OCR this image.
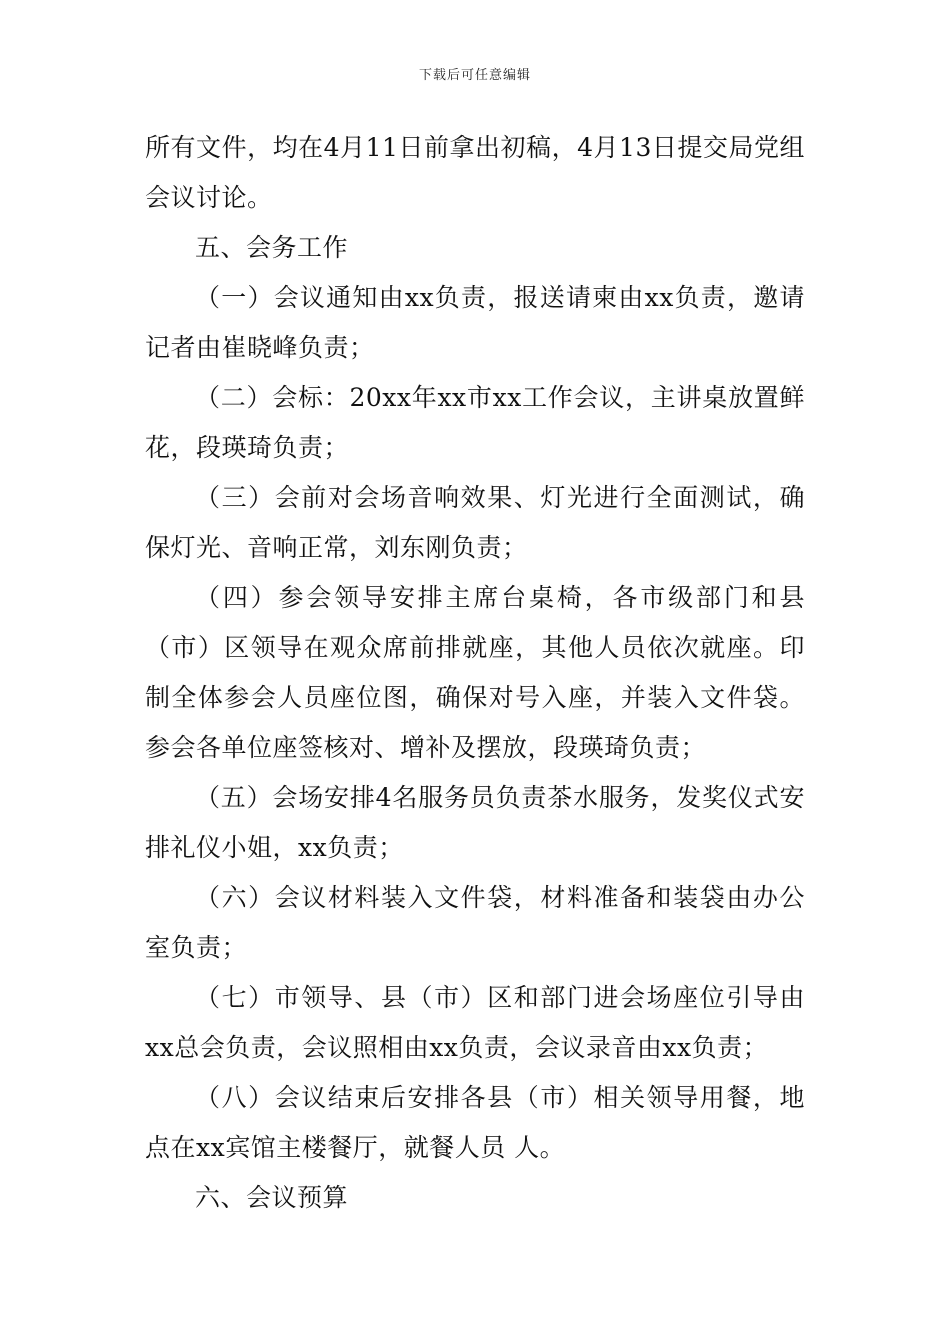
下载后可任意编辑

所有文件，均在4月11日前拿出初稿，4月13日提交局党组会议讨论。

五、会务工作

（一）会议通知由xx负责，报送请柬由xx负责，邀请记者由崔晓峰负责；

（二）会标：20xx年xx市xx工作会议，主讲桌放置鲜花，段瑛琦负责；

（三）会前对会场音响效果、灯光进行全面测试，确保灯光、音响正常，刘东刚负责；

（四）参会领导安排主席台桌椅，各市级部门和县（市）区领导在观众席前排就座，其他人员依次就座。印制全体参会人员座位图，确保对号入座，并装入文件袋。参会各单位座签核对、增补及摆放，段瑛琦负责；

（五）会场安排4名服务员负责茶水服务，发奖仪式安排礼仪小姐，xx负责；

（六）会议材料装入文件袋，材料准备和装袋由办公室负责；

（七）市领导、县（市）区和部门进会场座位引导由xx总会负责，会议照相由xx负责，会议录音由xx负责；

（八）会议结束后安排各县（市）相关领导用餐，地点在xx宾馆主楼餐厅，就餐人员 人。

六、会议预算
